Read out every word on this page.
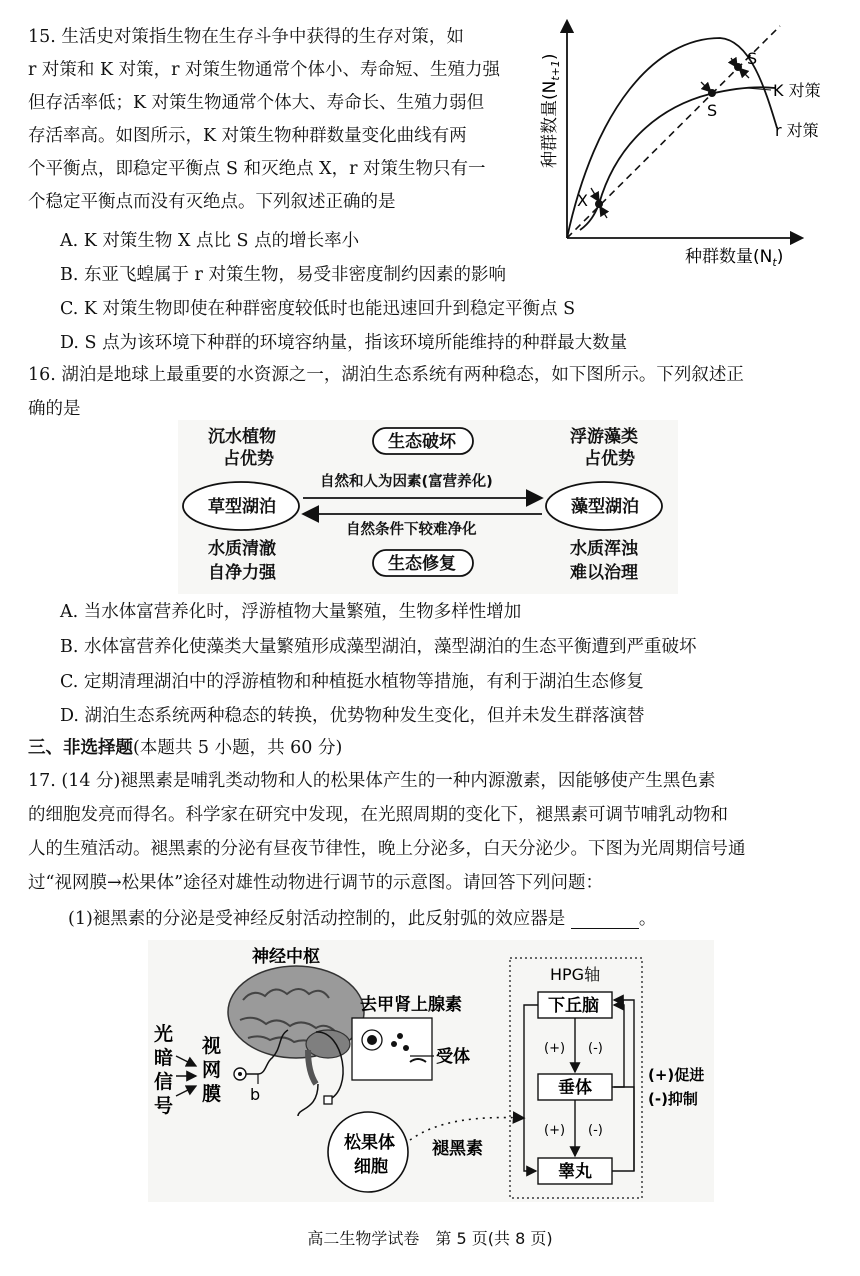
15. 生活史对策指生物在生存斗争中获得的生存对策，如
r 对策和 K 对策，r 对策生物通常个体小、寿命短、生殖力强
但存活率低；K 对策生物通常个体大、寿命长、生殖力弱但
存活率高。如图所示，K 对策生物种群数量变化曲线有两
个平衡点，即稳定平衡点 S 和灭绝点 X，r 对策生物只有一
个稳定平衡点而没有灭绝点。下列叙述正确的是	X
S
S
K 对策
r 对策
种群数量$(N_{t+1})$
种群数量$(N_t)$
A. K 对策生物 X 点比 S 点的增长率小
B. 东亚飞蝗属于 r 对策生物，易受非密度制约因素的影响
C. K 对策生物即使在种群密度较低时也能迅速回升到稳定平衡点 S
D. S 点为该环境下种群的环境容纳量，指该环境所能维持的种群最大数量
16. 湖泊是地球上最重要的水资源之一，湖泊生态系统有两种稳态，如下图所示。下列叙述正
确的是
沉水植物
占优势
草型湖泊
水质清澈
自净力强
浮游藻类
占优势
藻型湖泊
水质浑浊
难以治理
生态破坏
生态修复
自然和人为因素(富营养化)
自然条件下较难净化
A. 当水体富营养化时，浮游植物大量繁殖，生物多样性增加
B. 水体富营养化使藻类大量繁殖形成藻型湖泊，藻型湖泊的生态平衡遭到严重破坏
C. 定期清理湖泊中的浮游植物和种植挺水植物等措施，有利于湖泊生态修复
D. 湖泊生态系统两种稳态的转换，优势物种发生变化，但并未发生群落演替
三、非选择题(本题共 5 小题，共 60 分)
17. (14 分)褪黑素是哺乳类动物和人的松果体产生的一种内源激素，因能够使产生黑色素
的细胞发亮而得名。科学家在研究中发现，在光照周期的变化下，褪黑素可调节哺乳动物和
人的生殖活动。褪黑素的分泌有昼夜节律性，晚上分泌多，白天分泌少。下图为光周期信号通
过“视网膜→松果体”途径对雄性动物进行调节的示意图。请回答下列问题：
(1)褪黑素的分泌是受神经反射活动控制的，此反射弧的效应器是	。
神经中枢
去甲肾上腺素
受体
光
暗
信
号
视
网
膜 b
松果体
细胞
褪黑素
HPG轴
下丘脑
垂体
睾丸
(+) (-)
(+) (-)
(+)促进
(-)抑制
高二生物学试卷　第 5 页(共 8 页)
